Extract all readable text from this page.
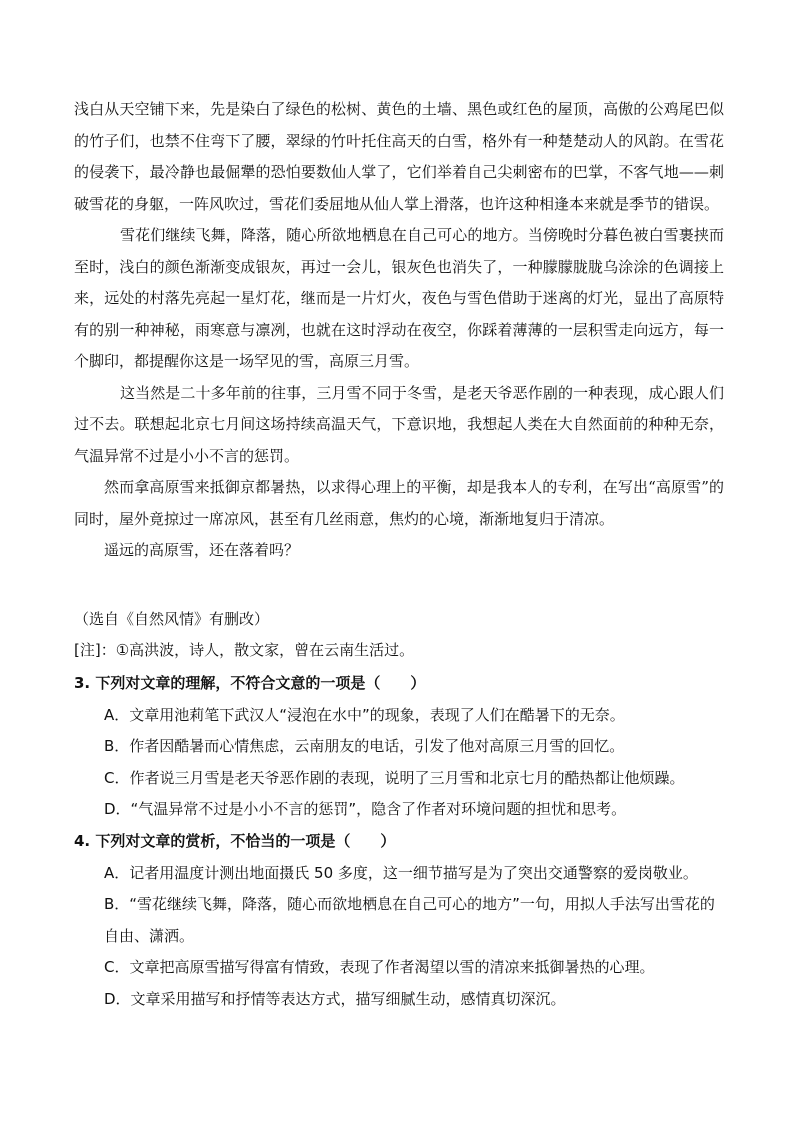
浅白从天空铺下来，先是染白了绿色的松树、黄色的土墙、黑色或红色的屋顶，高傲的公鸡尾巴似的竹子们，也禁不住弯下了腰，翠绿的竹叶托住高天的白雪，格外有一种楚楚动人的风韵。在雪花的侵袭下，最冷静也最倔犟的恐怕要数仙人掌了，它们举着自己尖刺密布的巴掌，不客气地——刺破雪花的身躯，一阵风吹过，雪花们委屈地从仙人掌上滑落，也许这种相逢本来就是季节的错误。

雪花们继续飞舞，降落，随心所欲地栖息在自己可心的地方。当傍晚时分暮色被白雪裹挟而至时，浅白的颜色渐渐变成银灰，再过一会儿，银灰色也消失了，一种朦朦胧胧乌涂涂的色调接上来，远处的村落先亮起一星灯花，继而是一片灯火，夜色与雪色借助于迷离的灯光，显出了高原特有的别一种神秘，雨寒意与凛冽，也就在这时浮动在夜空，你踩着薄薄的一层积雪走向远方，每一个脚印，都提醒你这是一场罕见的雪，高原三月雪。

这当然是二十多年前的往事，三月雪不同于冬雪，是老天爷恶作剧的一种表现，成心跟人们过不去。联想起北京七月间这场持续高温天气，下意识地，我想起人类在大自然面前的种种无奈，气温异常不过是小小不言的惩罚。

然而拿高原雪来抵御京都暑热，以求得心理上的平衡，却是我本人的专利，在写出“高原雪”的同时，屋外竟掠过一席凉风，甚至有几丝雨意，焦灼的心境，渐渐地复归于清凉。

遥远的高原雪，还在落着吗？

（选自《自然风情》有删改）
[注]：①高洪波，诗人，散文家，曾在云南生活过。
3. 下列对文章的理解，不符合文意的一项是（　　）
A．文章用池莉笔下武汉人“浸泡在水中”的现象，表现了人们在酷暑下的无奈。
B．作者因酷暑而心情焦虑，云南朋友的电话，引发了他对高原三月雪的回忆。
C．作者说三月雪是老天爷恶作剧的表现，说明了三月雪和北京七月的酷热都让他烦躁。
D．“气温异常不过是小小不言的惩罚”，隐含了作者对环境问题的担忧和思考。
4. 下列对文章的赏析，不恰当的一项是（　　）
A．记者用温度计测出地面摄氏 50 多度，这一细节描写是为了突出交通警察的爱岗敬业。
B．“雪花继续飞舞，降落，随心而欲地栖息在自己可心的地方”一句，用拟人手法写出雪花的自由、潇洒。
C．文章把高原雪描写得富有情致，表现了作者渴望以雪的清凉来抵御暑热的心理。
D．文章采用描写和抒情等表达方式，描写细腻生动，感情真切深沉。
